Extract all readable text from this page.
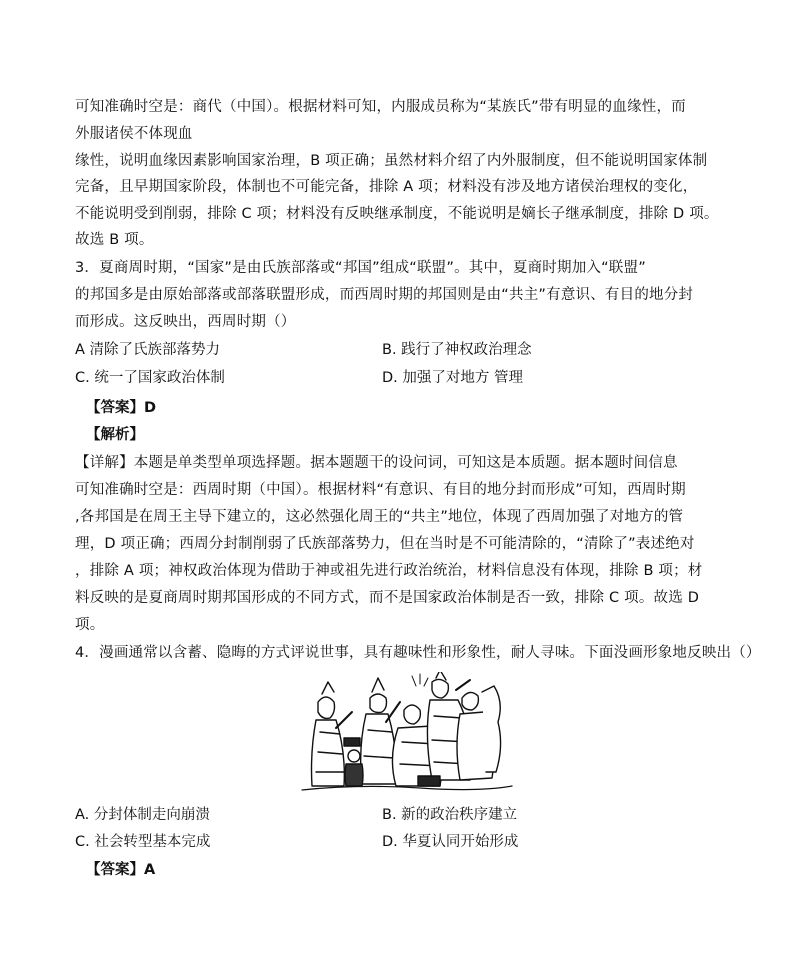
可知准确时空是：商代（中国）。根据材料可知，内服成员称为“某族氏”带有明显的血缘性，而
外服诸侯不体现血
缘性，说明血缘因素影响国家治理，B 项正确；虽然材料介绍了内外服制度，但不能说明国家体制
完备，且早期国家阶段，体制也不可能完备，排除 A 项；材料没有涉及地方诸侯治理权的变化，
不能说明受到削弱，排除 C 项；材料没有反映继承制度，不能说明是嫡长子继承制度，排除 D 项。
故选 B 项。
3．夏商周时期，“国家”是由氏族部落或“邦国”组成“联盟”。其中，夏商时期加入“联盟”
的邦国多是由原始部落或部落联盟形成，而西周时期的邦国则是由“共主”有意识、有目的地分封
而形成。这反映出，西周时期（）
A 清除了氏族部落势力	B. 践行了神权政治理念
C. 统一了国家政治体制	D. 加强了对地方 管理
【答案】D
【解析】
【详解】本题是单类型单项选择题。据本题题干的设问词，可知这是本质题。据本题时间信息
可知准确时空是：西周时期（中国）。根据材料“有意识、有目的地分封而形成”可知，西周时期
,各邦国是在周王主导下建立的，这必然强化周王的“共主”地位，体现了西周加强了对地方的管
理，D 项正确；西周分封制削弱了氏族部落势力，但在当时是不可能清除的，“清除了”表述绝对
，排除 A 项；神权政治体现为借助于神或祖先进行政治统治，材料信息没有体现，排除 B 项；材
料反映的是夏商周时期邦国形成的不同方式，而不是国家政治体制是否一致，排除 C 项。故选 D
项。
4．漫画通常以含蓄、隐晦的方式评说世事，具有趣味性和形象性，耐人寻味。下面没画形象地反映出（）
A. 分封体制走向崩溃	B. 新的政治秩序建立
C. 社会转型基本完成	D. 华夏认同开始形成
【答案】A
